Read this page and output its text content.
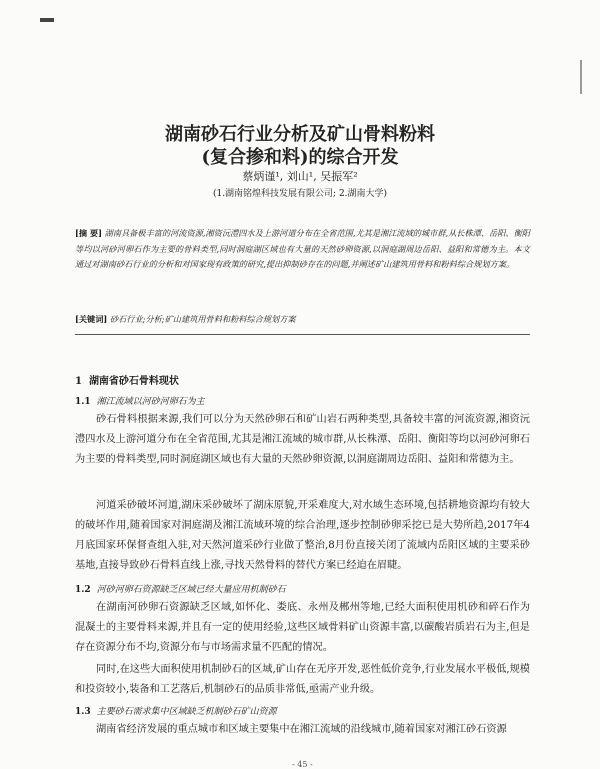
湖南砂石行业分析及矿山骨料粉料
(复合掺和料)的综合开发
蔡炳谨¹, 刘山¹, 吴振军²
(1.湖南铭煌科技发展有限公司; 2.湖南大学)
[摘 要] 湖南具备极丰富的河流资源,湘资沅澧四水及上游河道分布在全省范围,尤其是湘江流域的城市群,从长株潭、岳阳、衡阳等均以河砂河卵石作为主要的骨料类型,同时洞庭湖区域也有大量的天然砂卵资源,以洞庭湖周边岳阳、益阳和常德为主。本文通过对湖南砂石行业的分析和对国家现有政策的研究,提出抑制砂存在的问题,并阐述矿山建筑用骨料和粉料综合规划方案。
[关键词] 砂石行业;分析;矿山建筑用骨料和粉料综合规划方案
1 湖南省砂石骨料现状
1.1 湘江流域以河砂河卵石为主
砂石骨料根据来源,我们可以分为天然砂卵石和矿山岩石两种类型,具备较丰富的河流资源,湘资沅澧四水及上游河道分布在全省范围,尤其是湘江流域的城市群,从长株潭、岳阳、衡阳等均以河砂河卵石为主要的骨料类型,同时洞庭湖区域也有大量的天然砂卵资源,以洞庭湖周边岳阳、益阳和常德为主。
河道采砂破坏河道,湖床采砂破坏了湖床原貌,开采难度大,对水域生态环境,包括耕地资源均有较大的破坏作用,随着国家对洞庭湖及湘江流域环境的综合治理,逐步控制砂卵采挖已是大势所趋,2017年4月底国家环保督查组入驻,对天然河道采砂行业做了整治,8月份直接关闭了流域内岳阳区域的主要采砂基地,直接导致砂石骨料直线上涨,寻找天然骨料的替代方案已经迫在眉睫。
1.2 河砂河卵石资源缺乏区域已经大量应用机制砂石
在湖南河砂卵石资源缺乏区域,如怀化、娄底、永州及郴州等地,已经大面积使用机砂和碎石作为混凝土的主要骨料来源,并且有一定的使用经验,这些区域骨料矿山资源丰富,以碳酸岩质岩石为主,但是存在资源分布不均,资源分布与市场需求量不匹配的情况。
同时,在这些大面积使用机制砂石的区域,矿山存在无序开发,恶性低价竞争,行业发展水平极低,规模和投资较小,装备和工艺落后,机制砂石的品质非常低,亟需产业升级。
1.3 主要砂石需求集中区域缺乏机制砂石矿山资源
湖南省经济发展的重点城市和区域主要集中在湘江流域的沿线城市,随着国家对湘江砂石资源
- 45 -
